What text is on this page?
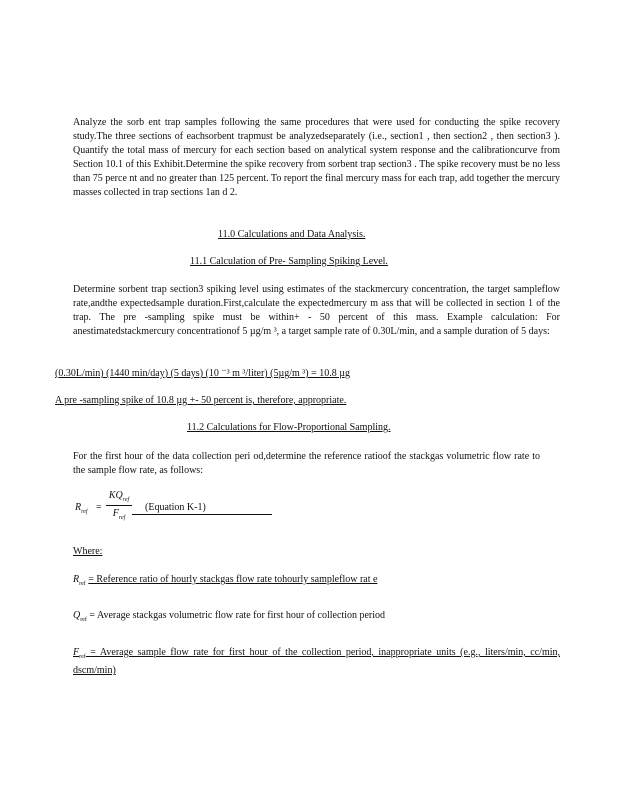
Analyze the sorb ent trap samples following the same procedures that were used for conducting the spike recovery study.The three sections of eachsorbent trapmust be analyzedseparately (i.e., section1 , then section2 , then section3 ). Quantify the total mass of mercury for each section based on analytical system response and the calibrationcurve from Section 10.1 of this Exhibit.Determine the spike recovery from sorbent trap section3 . The spike recovery must be no less than 75 perce nt and no greater than 125 percent. To report the final mercury mass for each trap, add together the mercury masses collected in trap sections 1an d 2.
11.0 Calculations and Data Analysis.
11.1 Calculation of Pre- Sampling Spiking Level.
Determine sorbent trap section3 spiking level using estimates of the stackmercury concentration, the target sampleflow rate,andthe expectedsample duration.First,calculate the expectedmercury m ass that will be collected in section 1 of the trap. The pre -sampling spike must be within+ - 50 percent of this mass. Example calculation: For anestimatedstackmercury concentrationof 5 µg/m ³, a target sample rate of 0.30L/min, and a sample duration of 5 days:
(0.30L/min) (1440 min/day) (5 days) (10 ⁻³ m ³/liter) (5µg/m ³) = 10.8 µg
A pre -sampling spike of 10.8 µg +- 50 percent is, therefore, appropriate.
11.2 Calculations for Flow-Proportional Sampling.
For the first hour of the data collection peri od,determine the reference ratioof the stackgas volumetric flow rate to the sample flow rate, as follows:
$R_{ref}$ =
$KQ_{ref}$
$F_{ref}$
(Equation K-1)
Where:
$R_{ref}$ = Reference ratio of hourly stackgas flow rate tohourly sampleflow rat e
$Q_{ref}$ = Average stackgas volumetric flow rate for first hour of collection period
$F_{ref}$ = Average sample flow rate for first hour of the collection period, inappropriate units (e.g., liters/min, cc/min, dscm/min)
